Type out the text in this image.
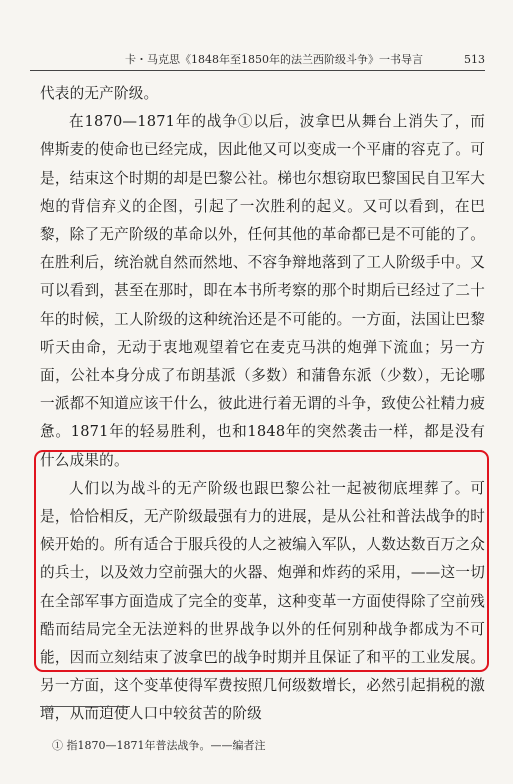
卡・马克思《1848年至1850年的法兰西阶级斗争》一书导言	513

代表的无产阶级。

在1870—1871年的战争①以后，波拿巴从舞台上消失了，而俾斯麦的使命也已经完成，因此他又可以变成一个平庸的容克了。可是，结束这个时期的却是巴黎公社。梯也尔想窃取巴黎国民自卫军大炮的背信弃义的企图，引起了一次胜利的起义。又可以看到，在巴黎，除了无产阶级的革命以外，任何其他的革命都已是不可能的了。在胜利后，统治就自然而然地、不容争辩地落到了工人阶级手中。又可以看到，甚至在那时，即在本书所考察的那个时期后已经过了二十年的时候，工人阶级的这种统治还是不可能的。一方面，法国让巴黎听天由命，无动于衷地观望着它在麦克马洪的炮弹下流血；另一方面，公社本身分成了布朗基派（多数）和蒲鲁东派（少数），无论哪一派都不知道应该干什么，彼此进行着无谓的斗争，致使公社精力疲惫。1871年的轻易胜利，也和1848年的突然袭击一样，都是没有什么成果的。

人们以为战斗的无产阶级也跟巴黎公社一起被彻底埋葬了。可是，恰恰相反，无产阶级最强有力的进展，是从公社和普法战争的时候开始的。所有适合于服兵役的人之被编入军队，人数达数百万之众的兵士，以及效力空前强大的火器、炮弹和炸药的采用，——这一切在全部军事方面造成了完全的变革，这种变革一方面使得除了空前残酷而结局完全无法逆料的世界战争以外的任何别种战争都成为不可能，因而立刻结束了波拿巴的战争时期并且保证了和平的工业发展。另一方面，这个变革使得军费按照几何级数增长，必然引起捐税的激增，从而迫使人口中较贫苦的阶级

① 指1870—1871年普法战争。——编者注
